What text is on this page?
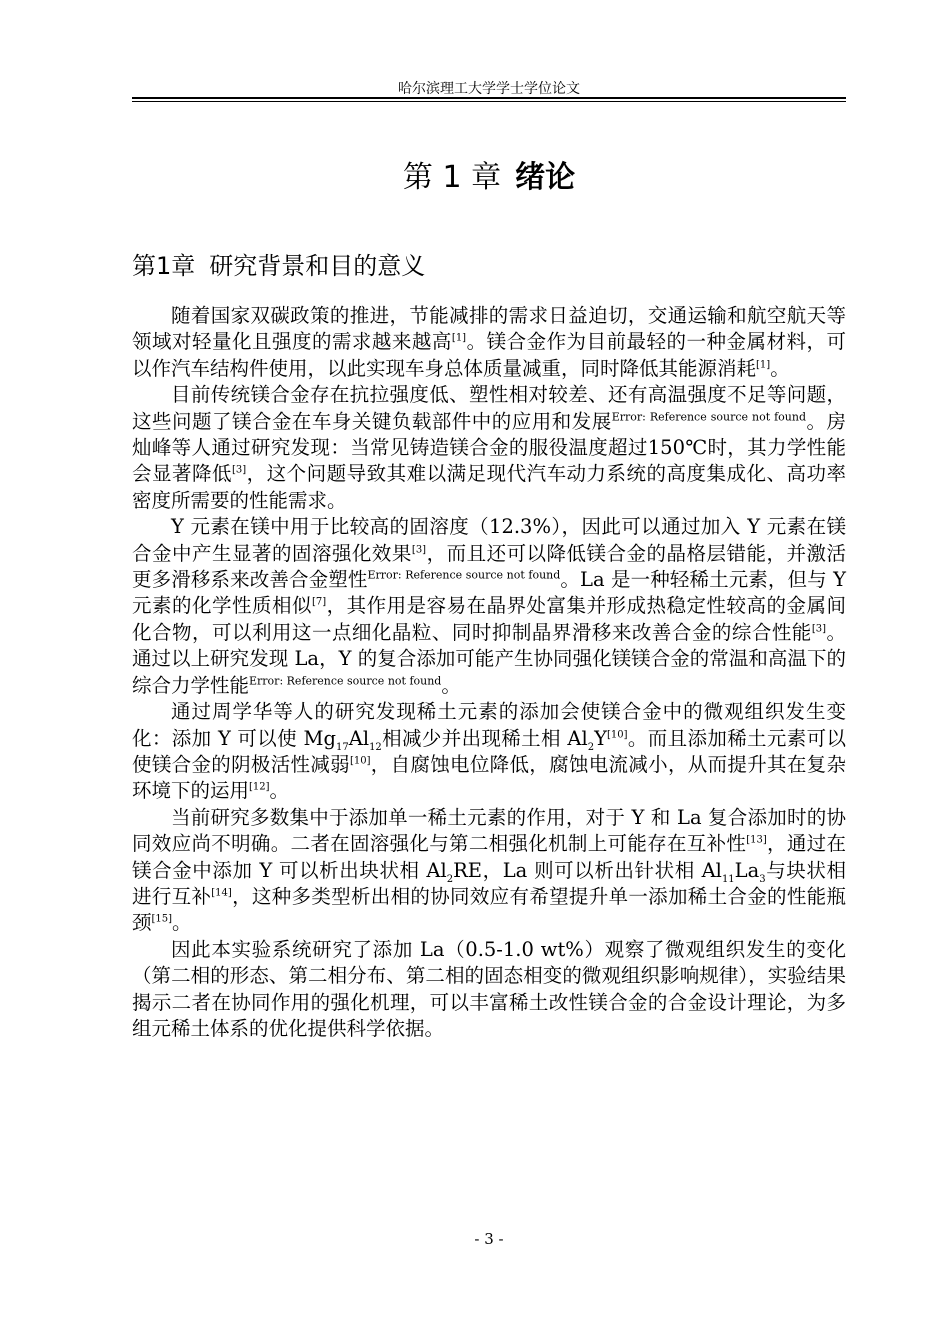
哈尔滨理工大学学士学位论文
第 1 章 绪论
第1章 研究背景和目的意义

随着国家双碳政策的推进，节能减排的需求日益迫切，交通运输和航空航天等领域对轻量化且强度的需求越来越高[1]。镁合金作为目前最轻的一种金属材料，可以作汽车结构件使用，以此实现车身总体质量减重，同时降低其能源消耗[1]。

目前传统镁合金存在抗拉强度低、塑性相对较差、还有高温强度不足等问题，这些问题了镁合金在车身关键负载部件中的应用和发展$^{Error: Reference source not found}$。房灿峰等人通过研究发现：当常见铸造镁合金的服役温度超过150℃时，其力学性能会显著降低[3]，这个问题导致其难以满足现代汽车动力系统的高度集成化、高功率密度所需要的性能需求。

Y 元素在镁中用于比较高的固溶度（12.3%），因此可以通过加入 Y 元素在镁合金中产生显著的固溶强化效果[3]，而且还可以降低镁合金的晶格层错能，并激活更多滑移系来改善合金塑性$^{Error: Reference source not found}$。La 是一种轻稀土元素，但与 Y 元素的化学性质相似[7]，其作用是容易在晶界处富集并形成热稳定性较高的金属间化合物，可以利用这一点细化晶粒、同时抑制晶界滑移来改善合金的综合性能[3]。通过以上研究发现 La，Y 的复合添加可能产生协同强化镁镁合金的常温和高温下的综合力学性能$^{Error: Reference source not found}$。

通过周学华等人的研究发现稀土元素的添加会使镁合金中的微观组织发生变化：添加 Y 可以使 $Mg_{17}Al_{12}$相减少并出现稀土相 $Al_2Y[10]$。而且添加稀土元素可以使镁合金的阴极活性减弱[10]，自腐蚀电位降低，腐蚀电流减小，从而提升其在复杂环境下的运用[12]。

当前研究多数集中于添加单一稀土元素的作用，对于 Y 和 La 复合添加时的协同效应尚不明确。二者在固溶强化与第二相强化机制上可能存在互补性[13]，通过在镁合金中添加 Y 可以析出块状相 $Al_2RE$，La 则可以析出针状相 $Al_{11}La_3$与块状相进行互补[14]，这种多类型析出相的协同效应有希望提升单一添加稀土合金的性能瓶颈[15]。

因此本实验系统研究了添加 La（0.5-1.0 wt%）观察了微观组织发生的变化（第二相的形态、第二相分布、第二相的固态相变的微观组织影响规律），实验结果揭示二者在协同作用的强化机理，可以丰富稀土改性镁合金的合金设计理论，为多组元稀土体系的优化提供科学依据。

- 3 -
